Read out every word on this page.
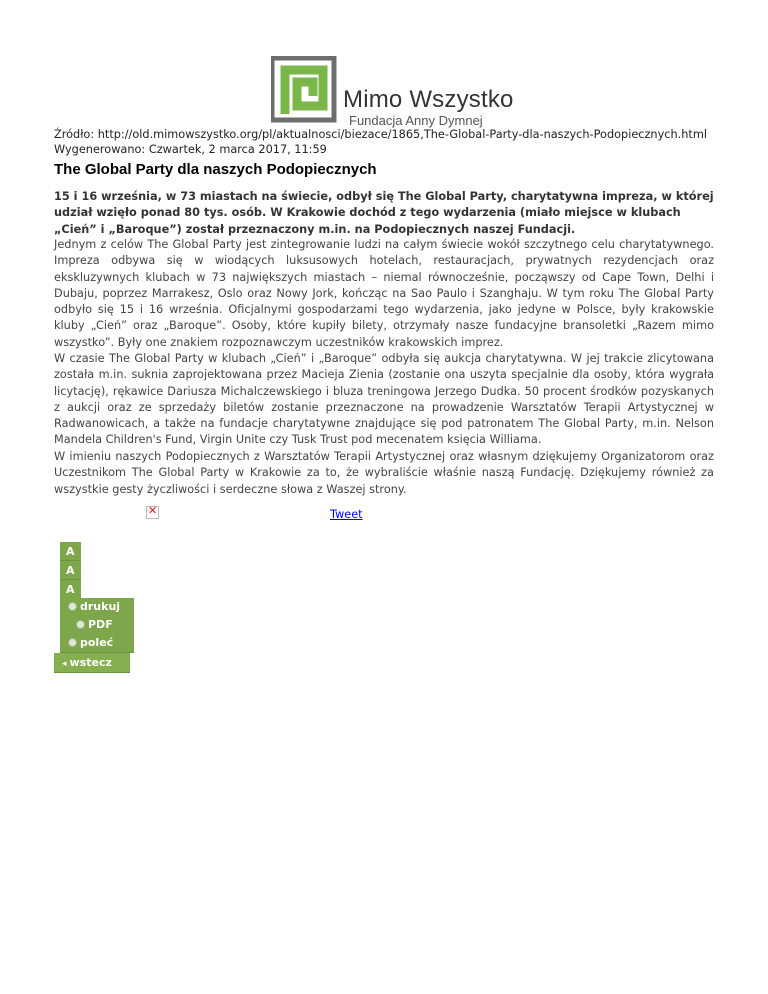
Mimo Wszystko
Fundacja Anny Dymnej
Źródło: http://old.mimowszystko.org/pl/aktualnosci/biezace/1865,The-Global-Party-dla-naszych-Podopiecznych.html
Wygenerowano: Czwartek, 2 marca 2017, 11:59
The Global Party dla naszych Podopiecznych

15 i 16 września, w 73 miastach na świecie, odbył się The Global Party, charytatywna impreza, w której udział wzięło ponad 80 tys. osób. W Krakowie dochód z tego wydarzenia (miało miejsce w klubach „Cień” i „Baroque”) został przeznaczony m.in. na Podopiecznych naszej Fundacji.

Jednym z celów The Global Party jest zintegrowanie ludzi na całym świecie wokół szczytnego celu charytatywnego. Impreza odbywa się w wiodących luksusowych hotelach, restauracjach, prywatnych rezydencjach oraz ekskluzywnych klubach w 73 największych miastach – niemal równocześnie, począwszy od Cape Town, Delhi i Dubaju, poprzez Marrakesz, Oslo oraz Nowy Jork, kończąc na Sao Paulo i Szanghaju. W tym roku The Global Party odbyło się 15 i 16 września. Oficjalnymi gospodarzami tego wydarzenia, jako jedyne w Polsce, były krakowskie kluby „Cień” oraz „Baroque”. Osoby, które kupiły bilety, otrzymały nasze fundacyjne bransoletki „Razem mimo wszystko”. Były one znakiem rozpoznawczym uczestników krakowskich imprez.

W czasie The Global Party w klubach „Cień” i „Baroque” odbyła się aukcja charytatywna. W jej trakcie zlicytowana została m.in. suknia zaprojektowana przez Macieja Zienia (zostanie ona uszyta specjalnie dla osoby, która wygrała licytację), rękawice Dariusza Michalczewskiego i bluza treningowa Jerzego Dudka. 50 procent środków pozyskanych z aukcji oraz ze sprzedaży biletów zostanie przeznaczone na prowadzenie Warsztatów Terapii Artystycznej w Radwanowicach, a także na fundacje charytatywne znajdujące się pod patronatem The Global Party, m.in. Nelson Mandela Children's Fund, Virgin Unite czy Tusk Trust pod mecenatem księcia Williama.

W imieniu naszych Podopiecznych z Warsztatów Terapii Artystycznej oraz własnym dziękujemy Organizatorom oraz Uczestnikom The Global Party w Krakowie za to, że wybraliście właśnie naszą Fundację. Dziękujemy również za wszystkie gesty życzliwości i serdeczne słowa z Waszej strony.

✕	Tweet
A
A
A
drukuj
PDF
poleć
◂ wstecz
